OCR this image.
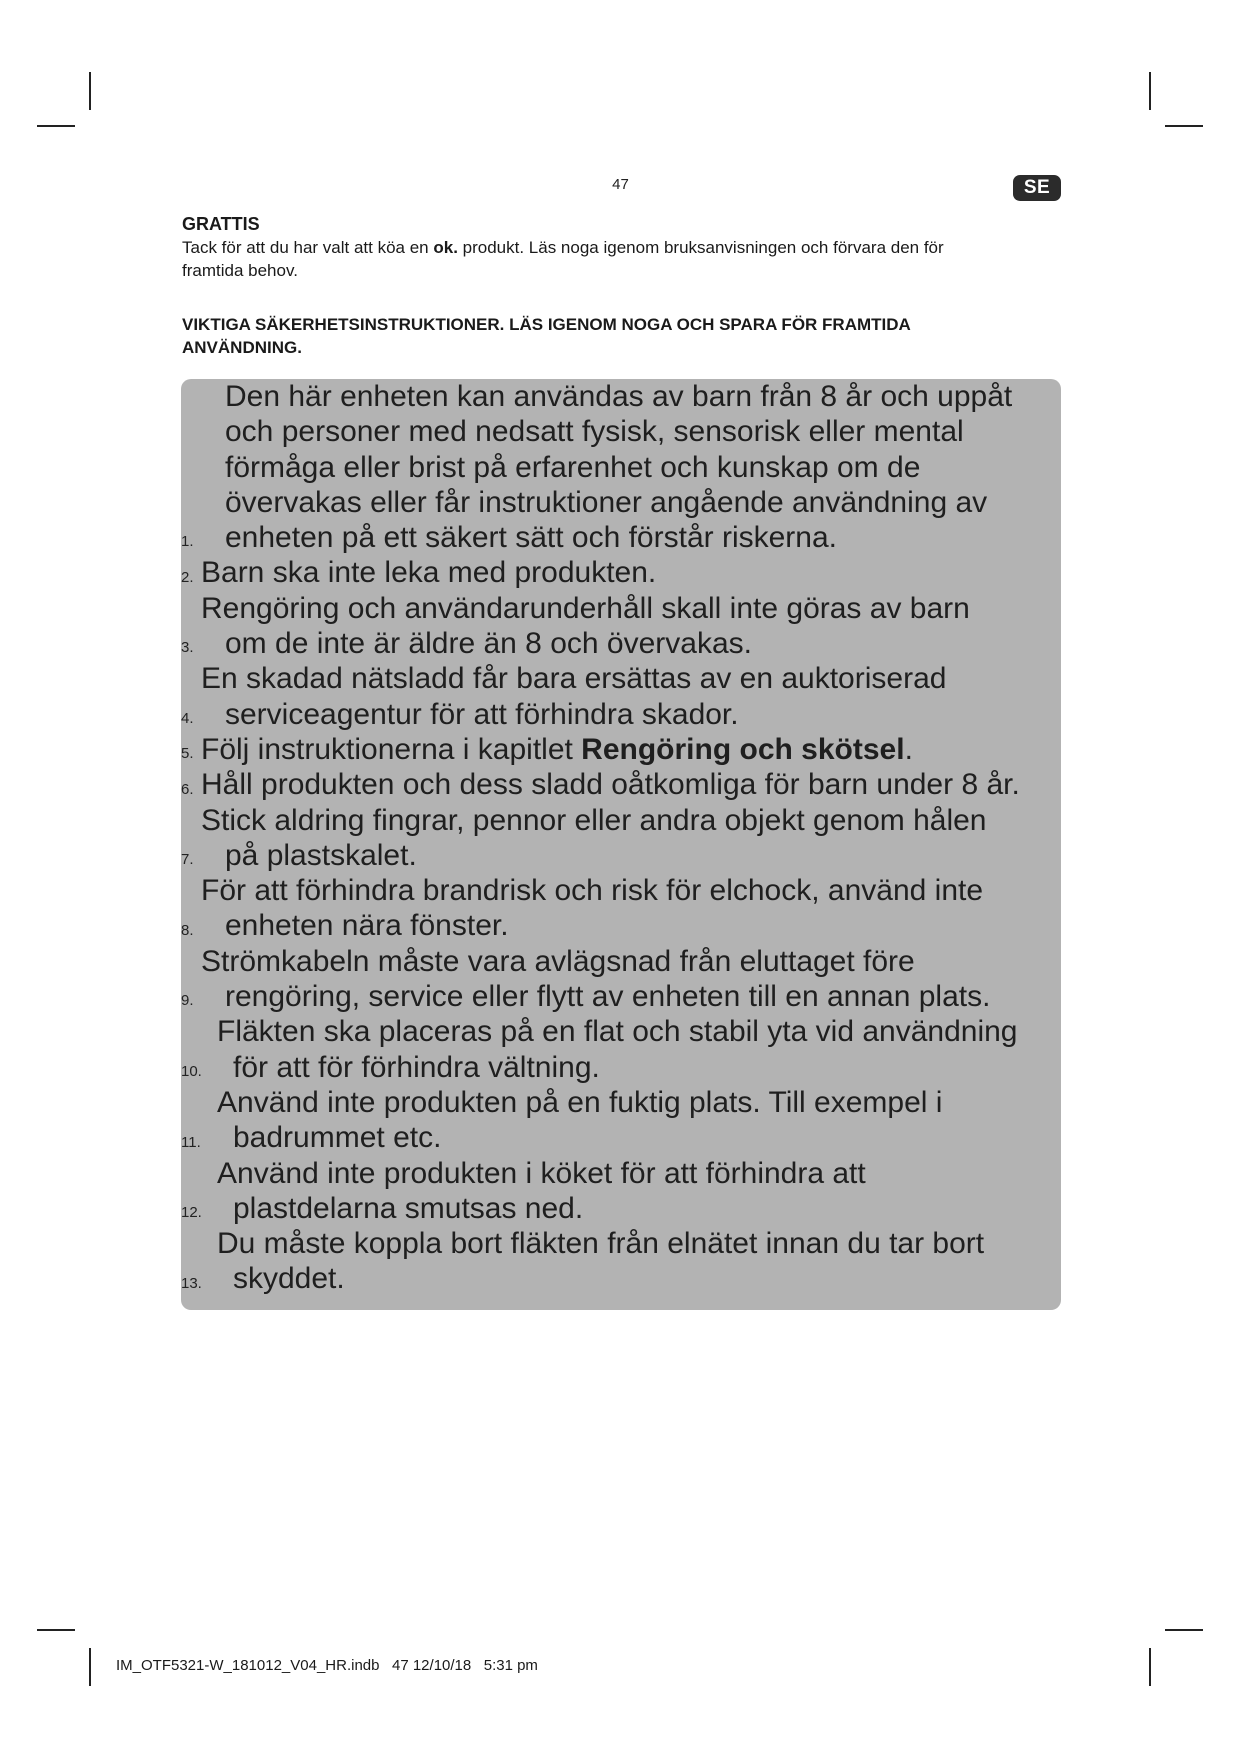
47	SE
GRATTIS
Tack för att du har valt att köa en ok. produkt. Läs noga igenom bruksanvisningen och förvara den för
framtida behov.
VIKTIGA SÄKERHETSINSTRUKTIONER. LÄS IGENOM NOGA OCH SPARA FÖR FRAMTIDA
ANVÄNDNING.
1.
Den här enheten kan användas av barn från 8 år och uppåt
och personer med nedsatt fysisk, sensorisk eller mental
förmåga eller brist på erfarenhet och kunskap om de
övervakas eller får instruktioner angående användning av
enheten på ett säkert sätt och förstår riskerna.
2. Barn ska inte leka med produkten.
3.
Rengöring och användarunderhåll skall inte göras av barn
om de inte är äldre än 8 och övervakas.
4.
En skadad nätsladd får bara ersättas av en auktoriserad
serviceagentur för att förhindra skador.
5. Följ instruktionerna i kapitlet Rengöring och skötsel.
6. Håll produkten och dess sladd oåtkomliga för barn under 8 år.
7.
Stick aldring fingrar, pennor eller andra objekt genom hålen
på plastskalet.
8.
För att förhindra brandrisk och risk för elchock, använd inte
enheten nära fönster.
9.
Strömkabeln måste vara avlägsnad från eluttaget före
rengöring, service eller flytt av enheten till en annan plats.
10.
Fläkten ska placeras på en flat och stabil yta vid användning
för att för förhindra vältning.
11.
Använd inte produkten på en fuktig plats. Till exempel i
badrummet etc.
12.
Använd inte produkten i köket för att förhindra att
plastdelarna smutsas ned.
13.
Du måste koppla bort fläkten från elnätet innan du tar bort
skyddet.
IM_OTF5321-W_181012_V04_HR.indb   47 12/10/18   5:31 pm
